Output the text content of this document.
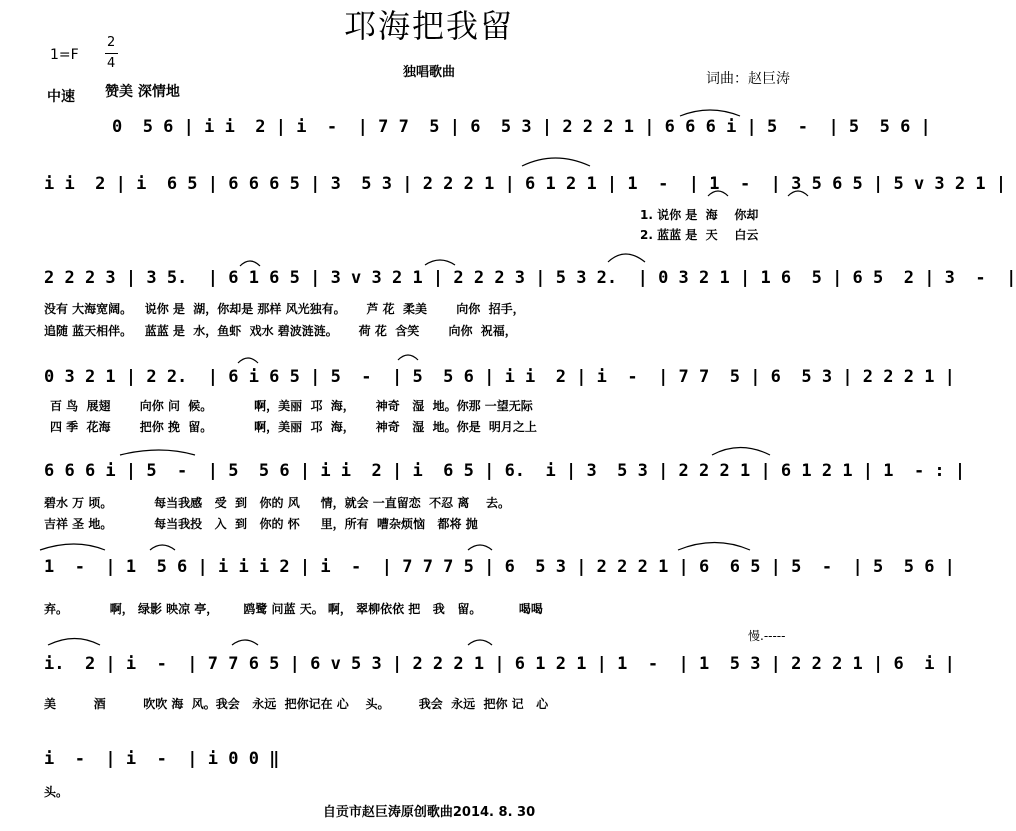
邛海把我留
独唱歌曲
1=F
2
4
中速 赞美 深情地
词曲：赵巨涛
0  5 6 | i i  2 | i  -  | 7 7  5 | 6  5 3 | 2 2 2 1 | 6 6 6 i | 5  -  | 5  5 6 |
i i  2 | i  6 5 | 6 6 6 5 | 3  5 3 | 2 2 2 1 | 6 1 2 1 | 1  -  | 1  -  | 3 5 6 5 | 5 v 3 2 1 |
1. 说你 是  海    你却
2. 蓝蓝 是  天    白云
2 2 2 3 | 3 5.  | 6 1 6 5 | 3 v 3 2 1 | 2 2 2 3 | 5 3 2.  | 0 3 2 1 | 1 6  5 | 6 5  2 | 3  -  |
没有 大海宽阔。   说你 是  湖，你却是 那样 风光独有。     芦 花  柔美       向你  招手，
追随 蓝天相伴。   蓝蓝 是  水，鱼虾  戏水 碧波涟涟。     荷 花  含笑       向你  祝福，
0 3 2 1 | 2 2.  | 6 i 6 5 | 5  -  | 5  5 6 | i i  2 | i  -  | 7 7  5 | 6  5 3 | 2 2 2 1 |
百 鸟  展翅       向你 问  候。          啊，美丽  邛  海，     神奇   湿  地。你那 一望无际
四 季  花海       把你 挽  留。          啊，美丽  邛  海，     神奇   湿  地。你是  明月之上
6 6 6 i | 5  -  | 5  5 6 | i i  2 | i  6 5 | 6.  i | 3  5 3 | 2 2 2 1 | 6 1 2 1 | 1  - : |
碧水 万 顷。          每当我感   受  到   你的 风     情，就会 一直留恋  不忍 离    去。
吉祥 圣 地。          每当我投   入  到   你的 怀     里，所有  嘈杂烦恼   都将 抛
1  -  | 1  5 6 | i i i 2 | i  -  | 7 7 7 5 | 6  5 3 | 2 2 2 1 | 6  6 5 | 5  -  | 5  5 6 |
弃。          啊， 绿影 映凉 亭，      鸥鹭 问蓝 天。 啊， 翠柳依依 把   我   留。         喝喝
慢.-----
i.  2 | i  -  | 7 7 6 5 | 6 v 5 3 | 2 2 2 1 | 6 1 2 1 | 1  -  | 1  5 3 | 2 2 2 1 | 6  i |
美         酒         吹吹 海  风。我会   永远  把你记在 心    头。       我会  永远  把你 记   心
i  -  | i  -  | i 0 0 ‖
头。
自贡市赵巨涛原创歌曲2014. 8. 30
